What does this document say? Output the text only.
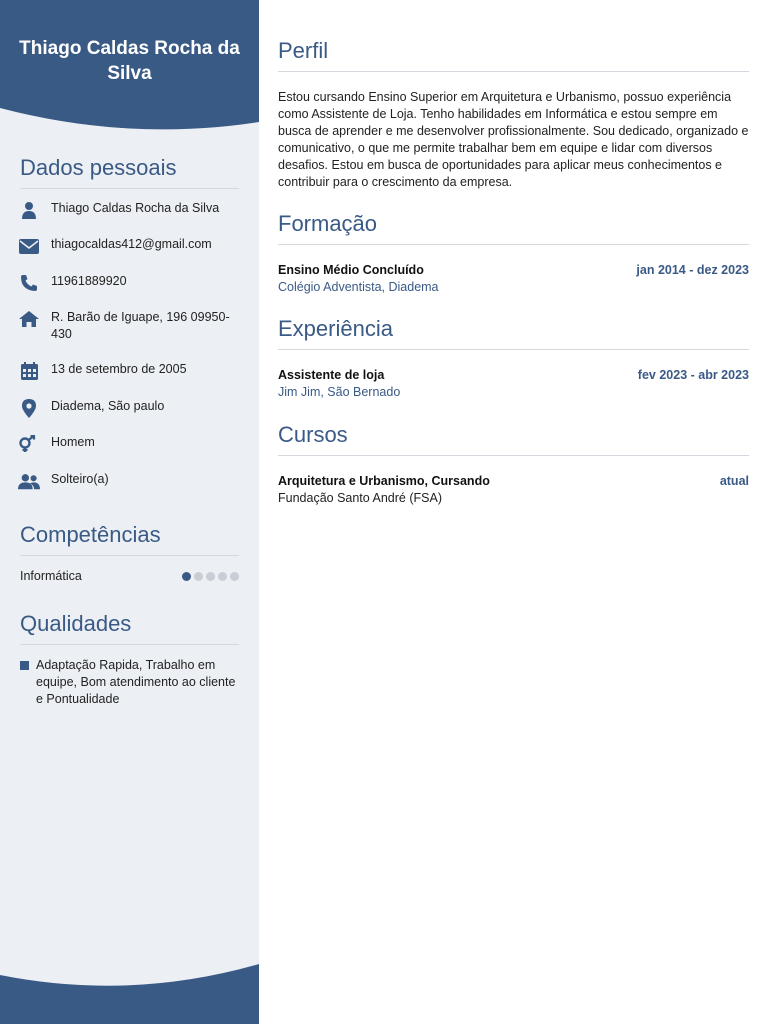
Thiago Caldas Rocha da Silva
Dados pessoais
Thiago Caldas Rocha da Silva
thiagocaldas412@gmail.com
11961889920
R. Barão de Iguape, 196 09950-430
13 de setembro de 2005
Diadema, São paulo
Homem
Solteiro(a)
Competências
Informática
Qualidades
Adaptação Rapida, Trabalho em equipe, Bom atendimento ao cliente e Pontualidade
Perfil
Estou cursando Ensino Superior em Arquitetura e Urbanismo, possuo experiência como Assistente de Loja. Tenho habilidades em Informática e estou sempre em busca de aprender e me desenvolver profissionalmente. Sou dedicado, organizado e comunicativo, o que me permite trabalhar bem em equipe e lidar com diversos desafios. Estou em busca de oportunidades para aplicar meus conhecimentos e contribuir para o crescimento da empresa.
Formação
Ensino Médio Concluído	jan 2014 - dez 2023
Colégio Adventista, Diadema
Experiência
Assistente de loja	fev 2023 - abr 2023
Jim Jim, São Bernado
Cursos
Arquitetura e Urbanismo, Cursando	atual
Fundação Santo André (FSA)
